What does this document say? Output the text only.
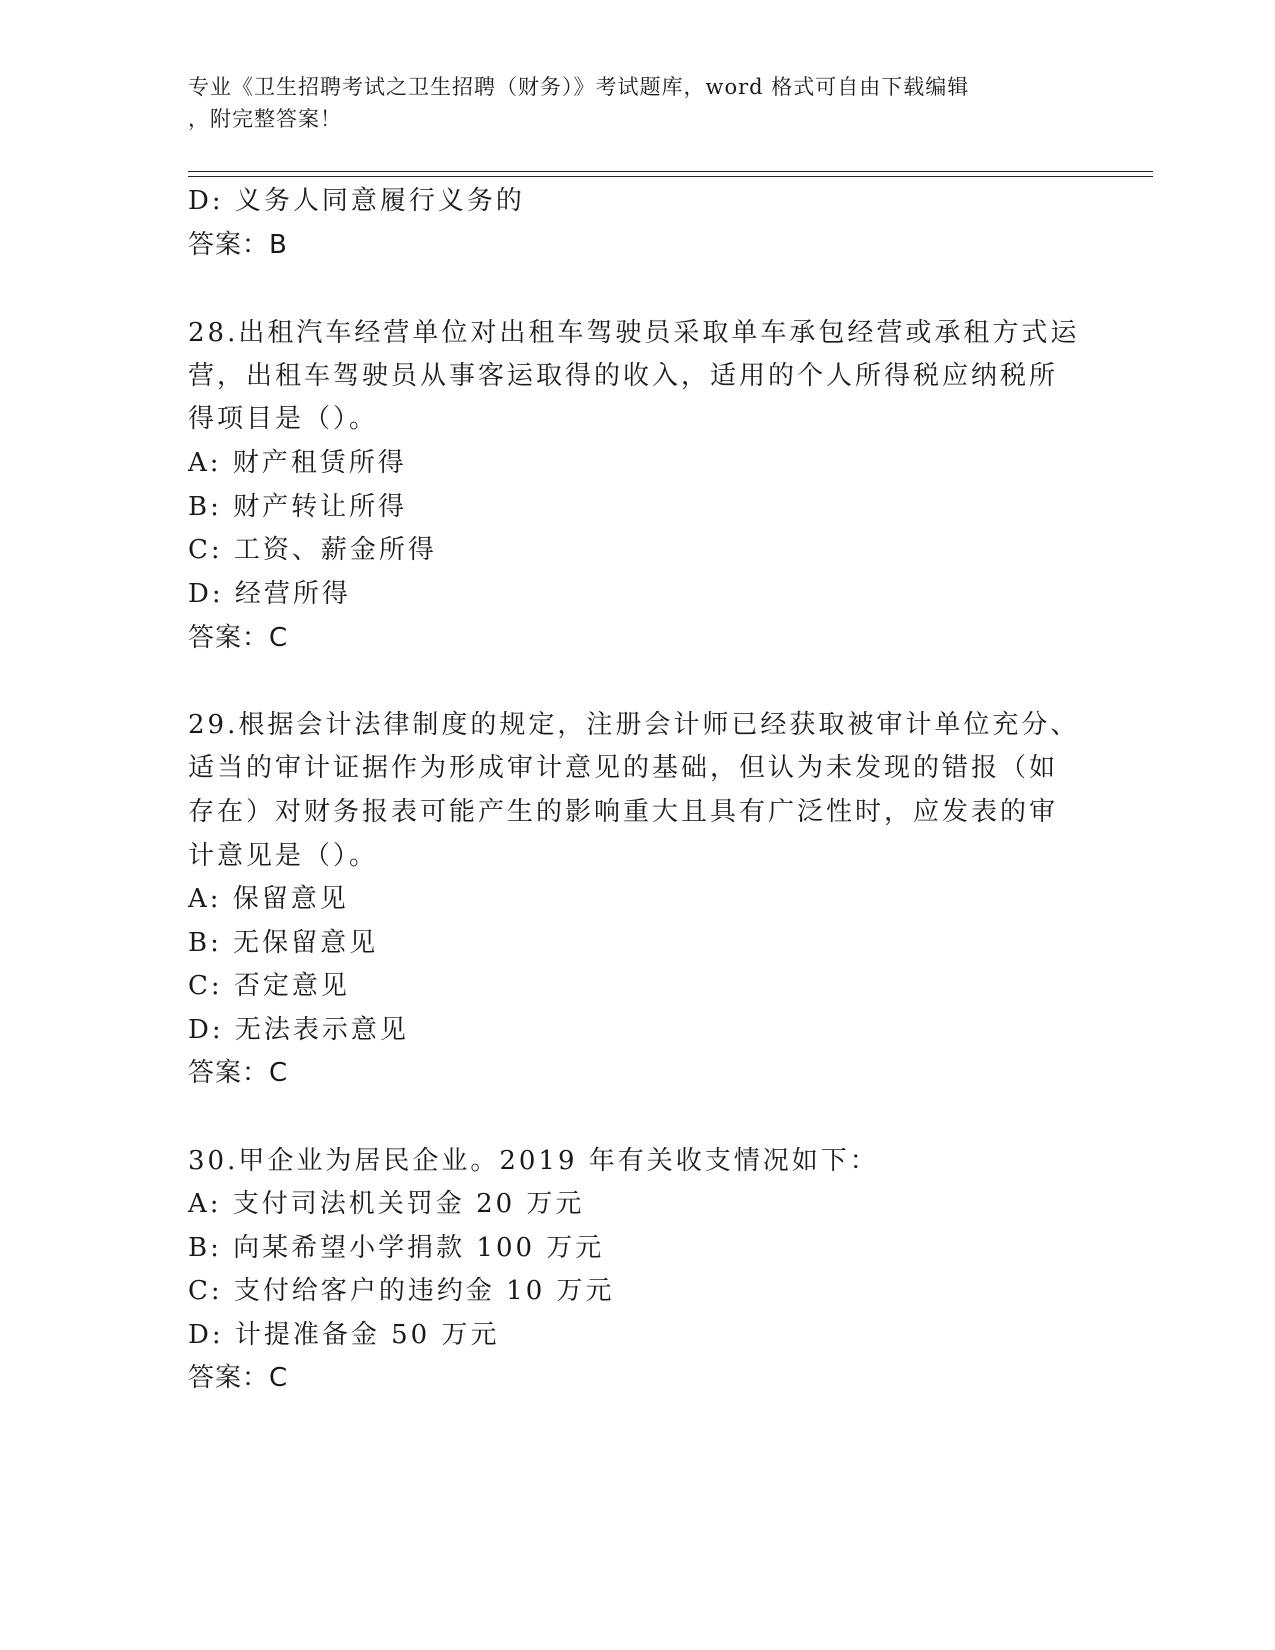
专业《卫生招聘考试之卫生招聘（财务）》考试题库，word 格式可自由下载编辑
，附完整答案！
D: 义务人同意履行义务的
答案：B
28.出租汽车经营单位对出租车驾驶员采取单车承包经营或承租方式运
营，出租车驾驶员从事客运取得的收入，适用的个人所得税应纳税所
得项目是（）。
A: 财产租赁所得
B: 财产转让所得
C: 工资、薪金所得
D: 经营所得
答案：C
29.根据会计法律制度的规定，注册会计师已经获取被审计单位充分、
适当的审计证据作为形成审计意见的基础，但认为未发现的错报（如
存在）对财务报表可能产生的影响重大且具有广泛性时，应发表的审
计意见是（）。
A: 保留意见
B: 无保留意见
C: 否定意见
D: 无法表示意见
答案：C
30.甲企业为居民企业。2019 年有关收支情况如下：
A: 支付司法机关罚金 20 万元
B: 向某希望小学捐款 100 万元
C: 支付给客户的违约金 10 万元
D: 计提准备金 50 万元
答案：C
